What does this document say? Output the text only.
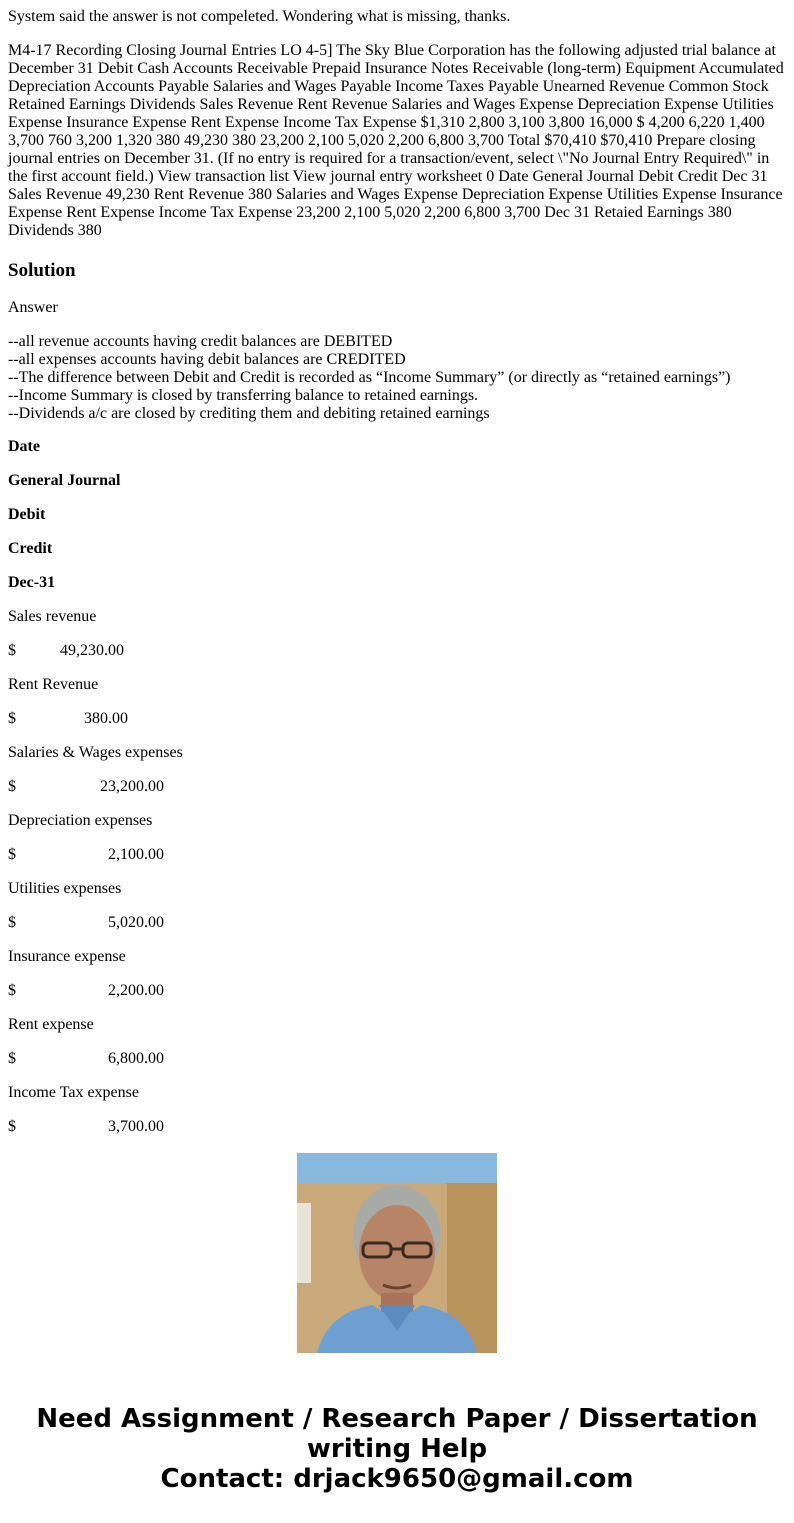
System said the answer is not compeleted. Wondering what is missing, thanks.

M4-17 Recording Closing Journal Entries LO 4-5] The Sky Blue Corporation has the following adjusted trial balance at December 31 Debit Cash Accounts Receivable Prepaid Insurance Notes Receivable (long-term) Equipment Accumulated Depreciation Accounts Payable Salaries and Wages Payable Income Taxes Payable Unearned Revenue Common Stock Retained Earnings Dividends Sales Revenue Rent Revenue Salaries and Wages Expense Depreciation Expense Utilities Expense Insurance Expense Rent Expense Income Tax Expense $1,310 2,800 3,100 3,800 16,000 $ 4,200 6,220 1,400 3,700 760 3,200 1,320 380 49,230 380 23,200 2,100 5,020 2,200 6,800 3,700 Total $70,410 $70,410 Prepare closing journal entries on December 31. (If no entry is required for a transaction/event, select \"No Journal Entry Required\" in the first account field.) View transaction list View journal entry worksheet 0 Date General Journal Debit Credit Dec 31 Sales Revenue 49,230 Rent Revenue 380 Salaries and Wages Expense Depreciation Expense Utilities Expense Insurance Expense Rent Expense Income Tax Expense 23,200 2,100 5,020 2,200 6,800 3,700 Dec 31 Retaied Earnings 380 Dividends 380

Solution
Answer
--all revenue accounts having credit balances are DEBITED
--all expenses accounts having debit balances are CREDITED
--The difference between Debit and Credit is recorded as “Income Summary” (or directly as “retained earnings”)
--Income Summary is closed by transferring balance to retained earnings.
--Dividends a/c are closed by crediting them and debiting retained earnings
Date
General Journal
Debit
Credit
Dec-31
Sales revenue
$           49,230.00
Rent Revenue
$                 380.00
Salaries & Wages expenses
$                     23,200.00
Depreciation expenses
$                       2,100.00
Utilities expenses
$                       5,020.00
Insurance expense
$                       2,200.00
Rent expense
$                       6,800.00
Income Tax expense
$                       3,700.00
Need Assignment / Research Paper / Dissertation
writing Help
Contact: drjack9650@gmail.com
